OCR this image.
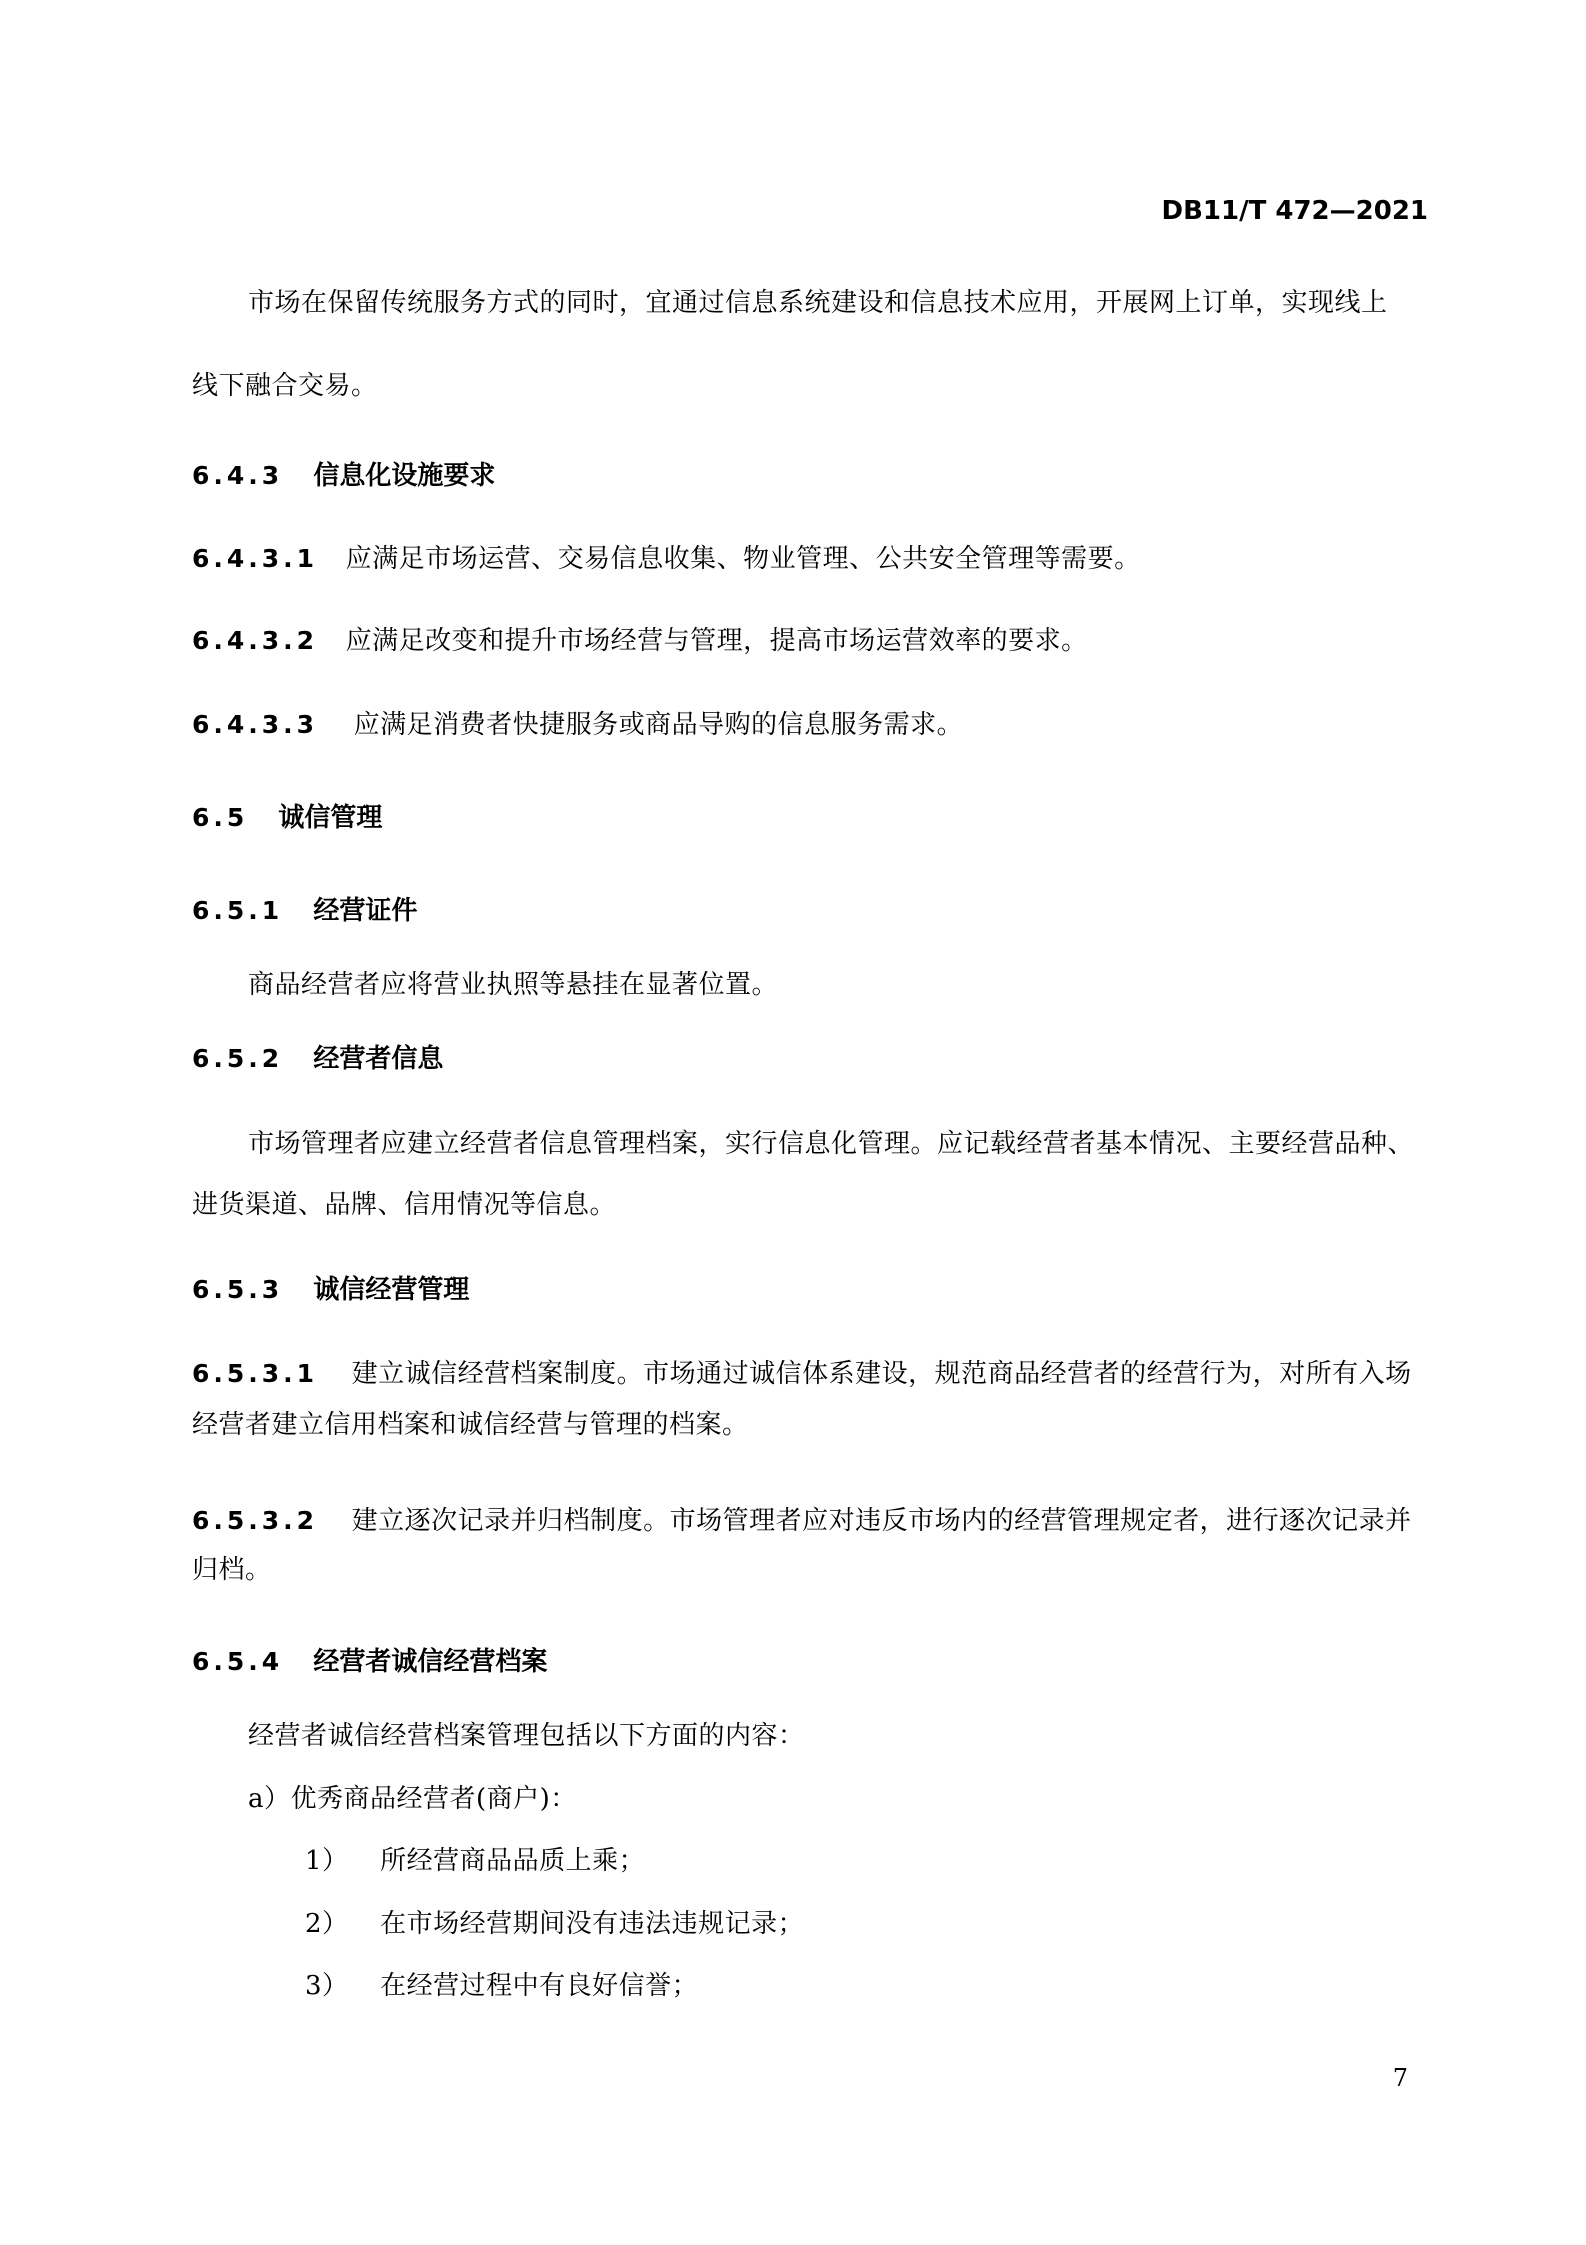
DB11/T 472—2021
市场在保留传统服务方式的同时，宜通过信息系统建设和信息技术应用，开展网上订单，实现线上
线下融合交易。
6.4.3 信息化设施要求
6.4.3.1 应满足市场运营、交易信息收集、物业管理、公共安全管理等需要。
6.4.3.2 应满足改变和提升市场经营与管理，提高市场运营效率的要求。
6.4.3.3 应满足消费者快捷服务或商品导购的信息服务需求。
6.5 诚信管理
6.5.1 经营证件
商品经营者应将营业执照等悬挂在显著位置。
6.5.2 经营者信息
市场管理者应建立经营者信息管理档案，实行信息化管理。应记载经营者基本情况、主要经营品种、
进货渠道、品牌、信用情况等信息。
6.5.3 诚信经营管理
6.5.3.1 建立诚信经营档案制度。市场通过诚信体系建设，规范商品经营者的经营行为，对所有入场
经营者建立信用档案和诚信经营与管理的档案。
6.5.3.2 建立逐次记录并归档制度。市场管理者应对违反市场内的经营管理规定者，进行逐次记录并
归档。
6.5.4 经营者诚信经营档案
经营者诚信经营档案管理包括以下方面的内容：
a）优秀商品经营者(商户)：
1） 所经营商品品质上乘；
2） 在市场经营期间没有违法违规记录；
3） 在经营过程中有良好信誉；
7
